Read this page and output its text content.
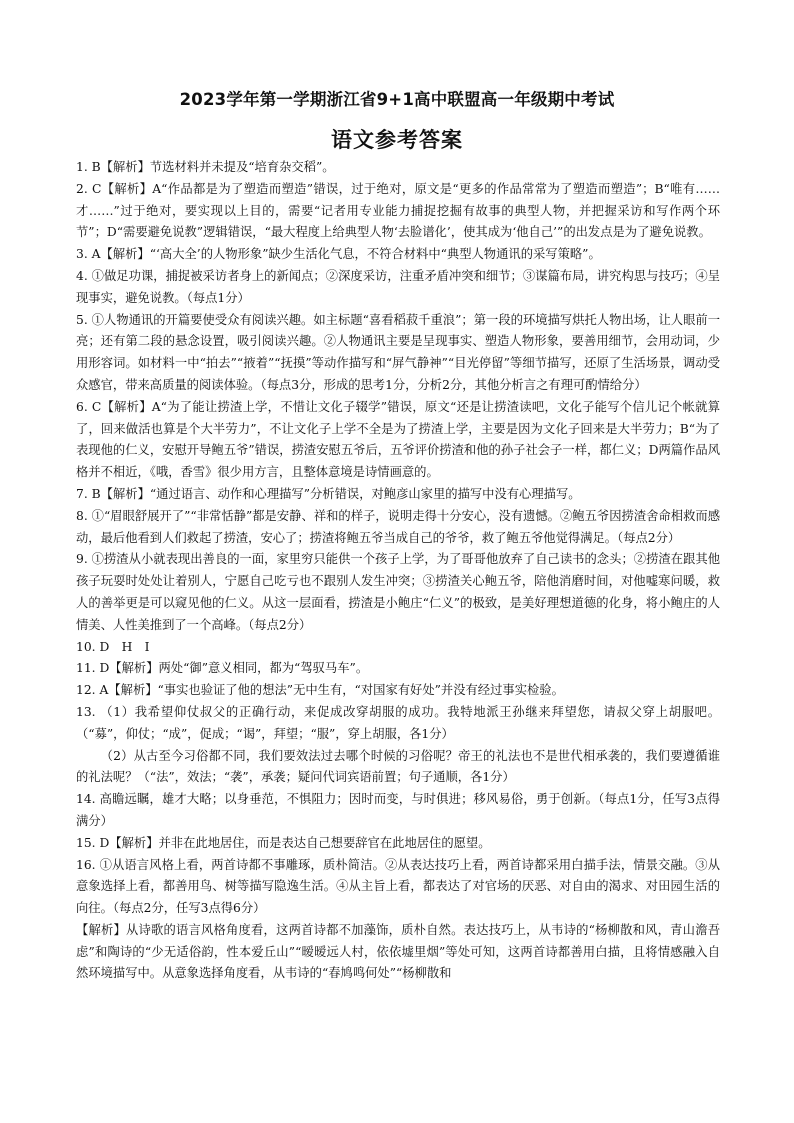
2023学年第一学期浙江省9+1高中联盟高一年级期中考试
语文参考答案

1. B【解析】节选材料并未提及“培育杂交稻”。

2. C【解析】A“作品都是为了塑造而塑造”错误，过于绝对，原文是“更多的作品常常为了塑造而塑造”；B“唯有……才……”过于绝对，要实现以上目的，需要“记者用专业能力捕捉挖掘有故事的典型人物，并把握采访和写作两个环节”；D“需要避免说教”逻辑错误，“最大程度上给典型人物‘去脸谱化’，使其成为‘他自己’”的出发点是为了避免说教。

3. A【解析】“‘高大全’的人物形象”缺少生活化气息，不符合材料中“典型人物通讯的采写策略”。

4. ①做足功课，捕捉被采访者身上的新闻点；②深度采访，注重矛盾冲突和细节；③谋篇布局，讲究构思与技巧；④呈现事实，避免说教。（每点1分）

5. ①人物通讯的开篇要使受众有阅读兴趣。如主标题“喜看稻菽千重浪”；第一段的环境描写烘托人物出场，让人眼前一亮；还有第二段的悬念设置，吸引阅读兴趣。②人物通讯主要是呈现事实、塑造人物形象，要善用细节，会用动词，少用形容词。如材料一中“拍去”“掖着”“抚摸”等动作描写和“屏气静神”“目光停留”等细节描写，还原了生活场景，调动受众感官，带来高质量的阅读体验。（每点3分，形成的思考1分，分析2分，其他分析言之有理可酌情给分）

6. C【解析】A“为了能让捞渣上学，不惜让文化子辍学”错误，原文“还是让捞渣读吧，文化子能写个信儿记个帐就算了，回来做活也算是个大半劳力”，不让文化子上学不全是为了捞渣上学，主要是因为文化子回来是大半劳力；B“为了表现他的仁义，安慰开导鲍五爷”错误，捞渣安慰五爷后，五爷评价捞渣和他的孙子社会子一样，都仁义；D两篇作品风格并不相近，《哦，香雪》很少用方言，且整体意境是诗情画意的。

7. B【解析】“通过语言、动作和心理描写”分析错误，对鲍彦山家里的描写中没有心理描写。

8. ①“眉眼舒展开了”“非常恬静”都是安静、祥和的样子，说明走得十分安心，没有遗憾。②鲍五爷因捞渣舍命相救而感动，最后他看到人们救起了捞渣，安心了；捞渣将鲍五爷当成自己的爷爷，救了鲍五爷他觉得满足。（每点2分）

9. ①捞渣从小就表现出善良的一面，家里穷只能供一个孩子上学，为了哥哥他放弃了自己读书的念头；②捞渣在跟其他孩子玩耍时处处让着别人，宁愿自己吃亏也不跟别人发生冲突；③捞渣关心鲍五爷，陪他消磨时间，对他嘘寒问暖，救人的善举更是可以窥见他的仁义。从这一层面看，捞渣是小鲍庄“仁义”的极致，是美好理想道德的化身，将小鲍庄的人情美、人性美推到了一个高峰。（每点2分）

10. D　H　I

11. D【解析】两处“御”意义相同，都为“驾驭马车”。

12. A【解析】“事实也验证了他的想法”无中生有，“对国家有好处”并没有经过事实检验。

13. （1）我希望仰仗叔父的正确行动，来促成改穿胡服的成功。我特地派王孙继来拜望您，请叔父穿上胡服吧。（“募”，仰仗；“成”，促成；“谒”，拜望；“服”，穿上胡服，各1分）

（2）从古至今习俗都不同，我们要效法过去哪个时候的习俗呢？帝王的礼法也不是世代相承袭的，我们要遵循谁的礼法呢？（“法”，效法；“袭”，承袭；疑问代词宾语前置；句子通顺，各1分）

14. 高瞻远瞩，雄才大略；以身垂范，不惧阻力；因时而变，与时俱进；移风易俗，勇于创新。（每点1分，任写3点得满分）

15. D【解析】并非在此地居住，而是表达自己想要辞官在此地居住的愿望。

16. ①从语言风格上看，两首诗都不事雕琢，质朴简洁。②从表达技巧上看，两首诗都采用白描手法，情景交融。③从意象选择上看，都善用鸟、树等描写隐逸生活。④从主旨上看，都表达了对官场的厌恶、对自由的渴求、对田园生活的向往。（每点2分，任写3点得6分）

【解析】从诗歌的语言风格角度看，这两首诗都不加藻饰，质朴自然。表达技巧上，从韦诗的“杨柳散和风，青山澹吾虑”和陶诗的“少无适俗韵，性本爱丘山”“暧暧远人村，依依墟里烟”等处可知，这两首诗都善用白描，且将情感融入自然环境描写中。从意象选择角度看，从韦诗的“春鸠鸣何处”“杨柳散和
